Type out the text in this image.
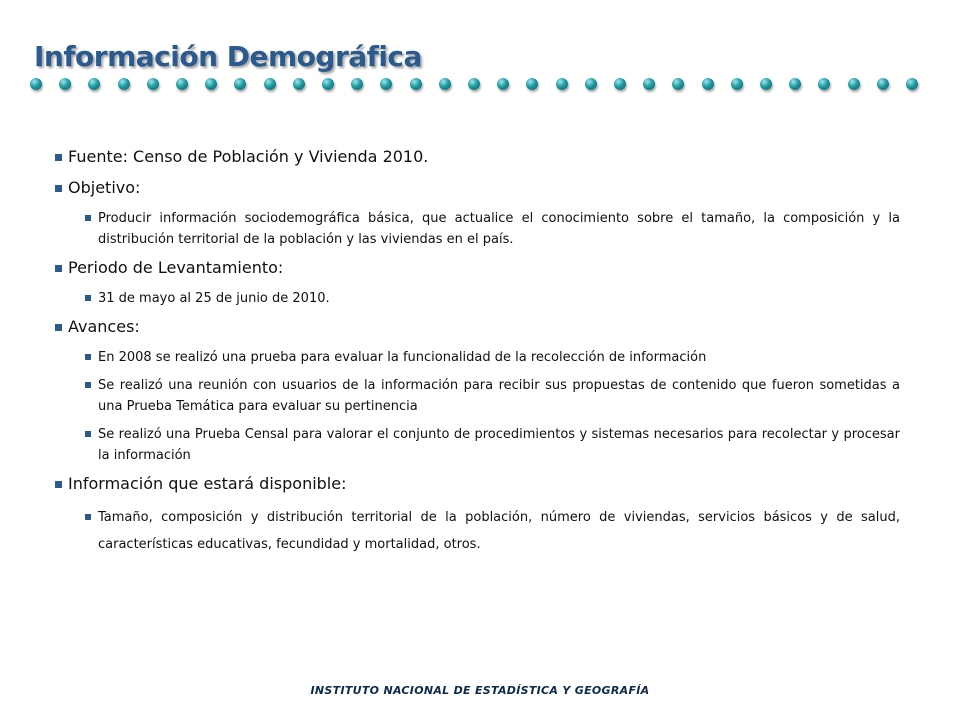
Información Demográfica
Fuente: Censo de Población y Vivienda 2010.
Objetivo:
Producir información sociodemográfica básica, que actualice el conocimiento sobre el tamaño, la composición y la distribución territorial de la población y las viviendas en el país.
Periodo de Levantamiento:
31 de mayo al 25 de junio de 2010.
Avances:
En 2008 se realizó una prueba para evaluar la funcionalidad de la recolección de información
Se realizó una reunión con usuarios de la información para recibir sus propuestas de contenido que fueron sometidas a una Prueba Temática para evaluar su pertinencia
Se realizó una Prueba Censal para valorar el conjunto de procedimientos y sistemas necesarios para recolectar y procesar la información
Información que estará disponible:
Tamaño, composición y distribución territorial de la población, número de viviendas, servicios básicos y de salud, características educativas, fecundidad y mortalidad, otros.
INSTITUTO NACIONAL DE ESTADÍSTICA Y GEOGRAFÍA
